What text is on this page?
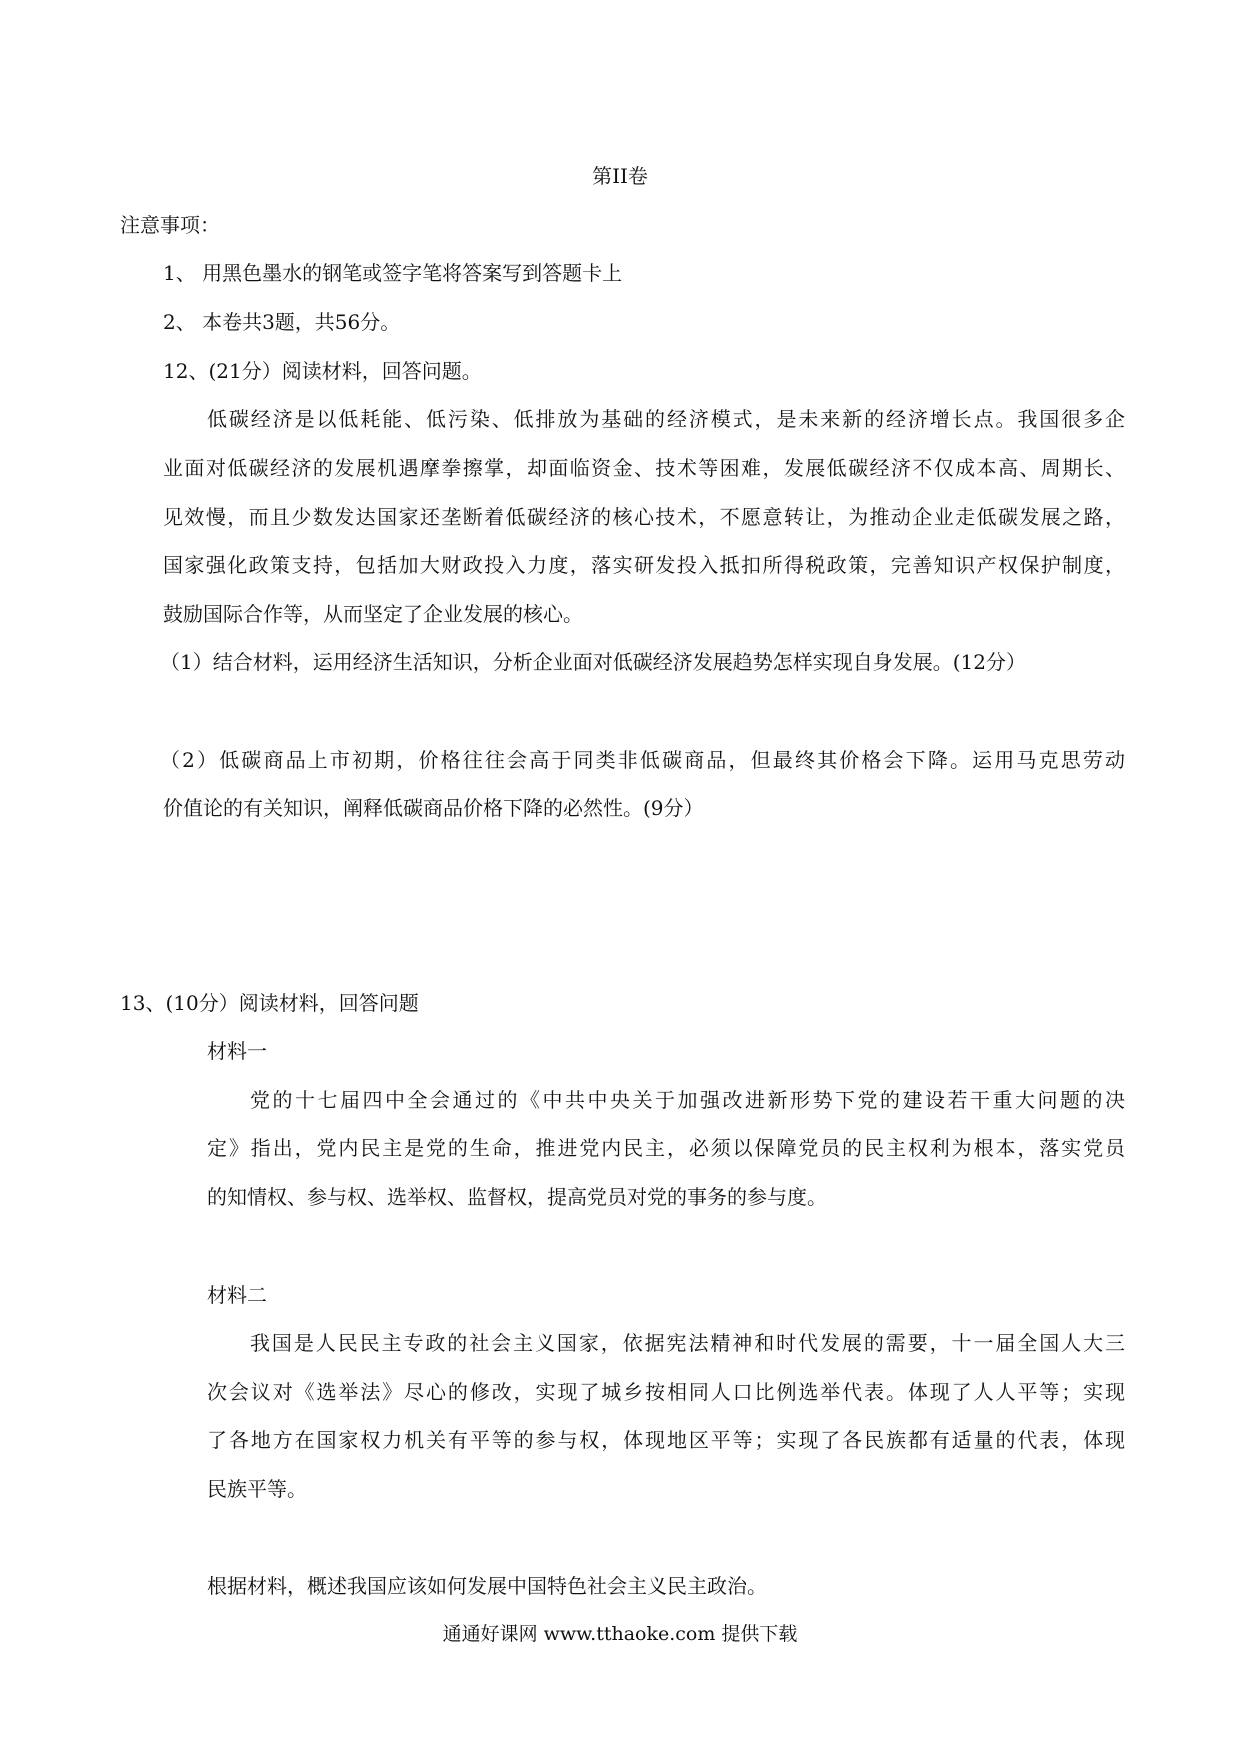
第II卷
注意事项：
1、 用黑色墨水的钢笔或签字笔将答案写到答题卡上
2、 本卷共3题，共56分。
12、(21分）阅读材料，回答问题。
低碳经济是以低耗能、低污染、低排放为基础的经济模式，是未来新的经济增长点。我国很多企
业面对低碳经济的发展机遇摩拳擦掌，却面临资金、技术等困难，发展低碳经济不仅成本高、周期长、
见效慢，而且少数发达国家还垄断着低碳经济的核心技术，不愿意转让，为推动企业走低碳发展之路，
国家强化政策支持，包括加大财政投入力度，落实研发投入抵扣所得税政策，完善知识产权保护制度，
鼓励国际合作等，从而坚定了企业发展的核心。
（1）结合材料，运用经济生活知识，分析企业面对低碳经济发展趋势怎样实现自身发展。(12分）
（2）低碳商品上市初期，价格往往会高于同类非低碳商品，但最终其价格会下降。运用马克思劳动
价值论的有关知识，阐释低碳商品价格下降的必然性。(9分）
13、(10分）阅读材料，回答问题
材料一
党的十七届四中全会通过的《中共中央关于加强改进新形势下党的建设若干重大问题的决
定》指出，党内民主是党的生命，推进党内民主，必须以保障党员的民主权利为根本，落实党员
的知情权、参与权、选举权、监督权，提高党员对党的事务的参与度。
材料二
我国是人民民主专政的社会主义国家，依据宪法精神和时代发展的需要，十一届全国人大三
次会议对《选举法》尽心的修改，实现了城乡按相同人口比例选举代表。体现了人人平等；实现
了各地方在国家权力机关有平等的参与权，体现地区平等；实现了各民族都有适量的代表，体现
民族平等。
根据材料，概述我国应该如何发展中国特色社会主义民主政治。
通通好课网 www.tthaoke.com 提供下载
